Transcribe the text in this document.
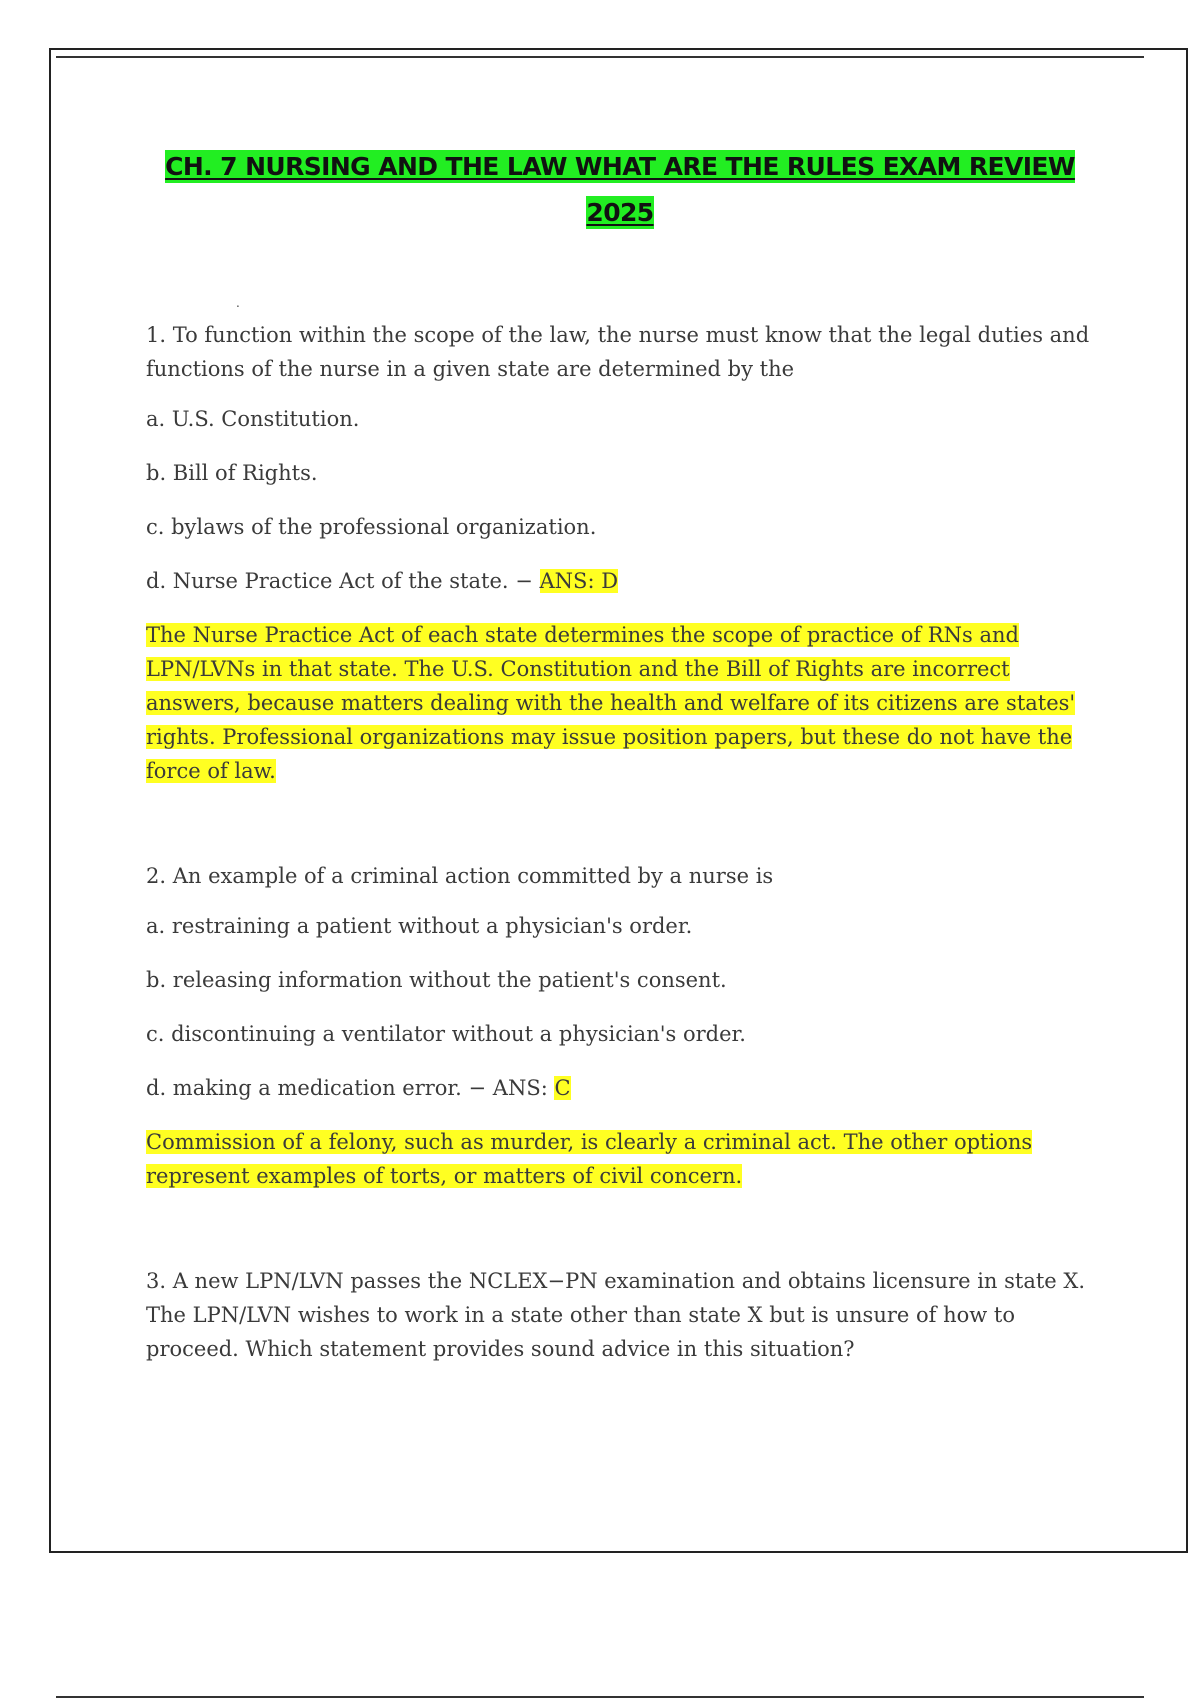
CH. 7 NURSING AND THE LAW WHAT ARE THE RULES EXAM REVIEW
2025
.

1. To function within the scope of the law, the nurse must know that the legal duties and functions of the nurse in a given state are determined by the

a. U.S. Constitution.

b. Bill of Rights.

c. bylaws of the professional organization.

d. Nurse Practice Act of the state. − ANS: D

The Nurse Practice Act of each state determines the scope of practice of RNs and LPN/LVNs in that state. The U.S. Constitution and the Bill of Rights are incorrect answers, because matters dealing with the health and welfare of its citizens are states' rights. Professional organizations may issue position papers, but these do not have the force of law.

2. An example of a criminal action committed by a nurse is

a. restraining a patient without a physician's order.

b. releasing information without the patient's consent.

c. discontinuing a ventilator without a physician's order.

d. making a medication error. − ANS: C

Commission of a felony, such as murder, is clearly a criminal act. The other options represent examples of torts, or matters of civil concern.

3. A new LPN/LVN passes the NCLEX−PN examination and obtains licensure in state X. The LPN/LVN wishes to work in a state other than state X but is unsure of how to proceed. Which statement provides sound advice in this situation?
